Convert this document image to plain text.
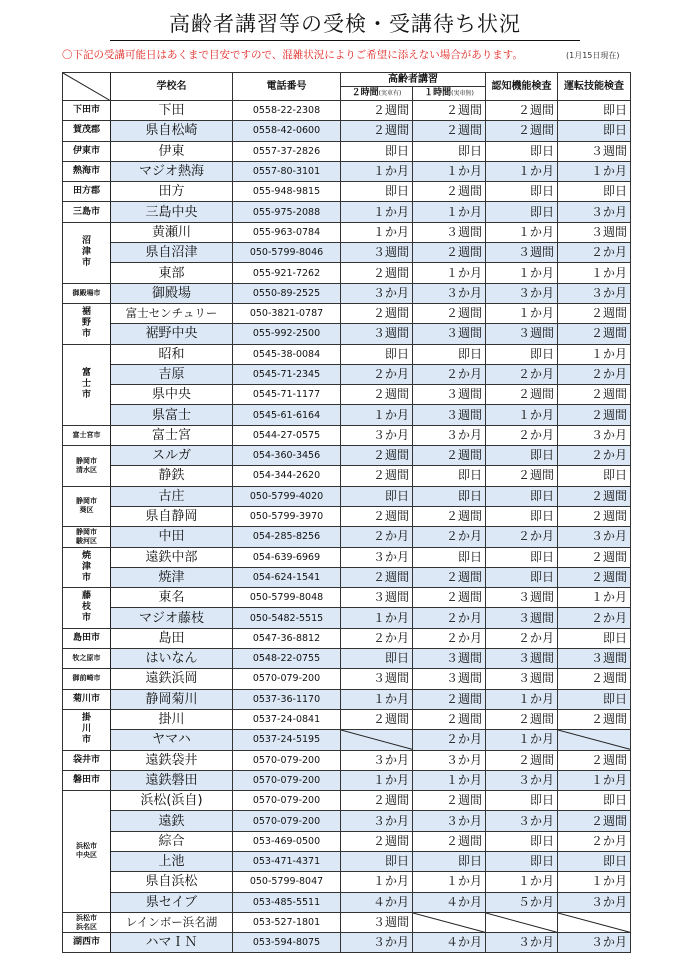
高齢者講習等の受検・受講待ち状況
〇下記の受講可能日はあくまで目安ですので、混雑状況によりご希望に添えない場合があります。	(1月15日現在)
	学校名	電話番号	高齢者講習		認知機能検査	運転技能検査
			２時間(実車有)	１時間(実車無)		
下田市	下田	0558-22-2308	２週間	２週間	２週間	即日
賀茂郡	県自松崎	0558-42-0600	２週間	２週間	２週間	即日
伊東市	伊東	0557-37-2826	即日	即日	即日	３週間
熱海市	マジオ熱海	0557-80-3101	１か月	１か月	１か月	１か月
田方郡	田方	055-948-9815	即日	２週間	即日	即日
三島市	三島中央	055-975-2088	１か月	１か月	即日	３か月
沼
津
市	黄瀬川	055-963-0784	１か月	３週間	１か月	３週間
	県自沼津	050-5799-8046	３週間	２週間	３週間	２か月
	東部	055-921-7262	２週間	１か月	１か月	１か月
御殿場市	御殿場	0550-89-2525	３か月	３か月	３か月	３か月
裾
野
市	富士センチュリー	050-3821-0787	２週間	２週間	１か月	２週間
	裾野中央	055-992-2500	３週間	３週間	３週間	２週間
富
士
市	昭和	0545-38-0084	即日	即日	即日	１か月
	吉原	0545-71-2345	２か月	２か月	２か月	２か月
	県中央	0545-71-1177	２週間	３週間	２週間	２週間
	県富士	0545-61-6164	１か月	３週間	１か月	２週間
富士宮市	富士宮	0544-27-0575	３か月	３か月	２か月	３か月
静岡市
清水区	スルガ	054-360-3456	２週間	２週間	即日	２か月
	静鉄	054-344-2620	２週間	即日	２週間	即日
静岡市
葵区	古庄	050-5799-4020	即日	即日	即日	２週間
	県自静岡	050-5799-3970	２週間	２週間	即日	２週間
静岡市
駿河区	中田	054-285-8256	２か月	２か月	２か月	３か月
焼
津
市	遠鉄中部	054-639-6969	３か月	即日	即日	２週間
	焼津	054-624-1541	２週間	２週間	即日	２週間
藤
枝
市	東名	050-5799-8048	３週間	２週間	３週間	１か月
	マジオ藤枝	050-5482-5515	１か月	２か月	３週間	２か月
島田市	島田	0547-36-8812	２か月	２か月	２か月	即日
牧之原市	はいなん	0548-22-0755	即日	３週間	３週間	３週間
御前崎市	遠鉄浜岡	0570-079-200	３週間	３週間	３週間	２週間
菊川市	静岡菊川	0537-36-1170	１か月	２週間	１か月	即日
掛
川
市	掛川	0537-24-0841	２週間	２週間	２週間	２週間
	ヤマハ	0537-24-5195		２か月	１か月	

袋井市	遠鉄袋井	0570-079-200	３か月	３か月	２週間	２週間
磐田市	遠鉄磐田	0570-079-200	１か月	１か月	３か月	１か月
浜松市
中央区	浜松(浜自)	0570-079-200	２週間	２週間	即日	即日
	遠鉄	0570-079-200	３か月	３か月	３か月	２週間
	綜合	053-469-0500	２週間	２週間	即日	２か月
	上池	053-471-4371	即日	即日	即日	即日
	県自浜松	050-5799-8047	１か月	１か月	１か月	１か月
	県セイブ	053-485-5511	４か月	４か月	５か月	３か月
浜松市
浜名区	レインボー浜名湖	053-527-1801	３週間	

湖西市	ハマＩＮ	053-594-8075	３か月	４か月	３か月	３か月
